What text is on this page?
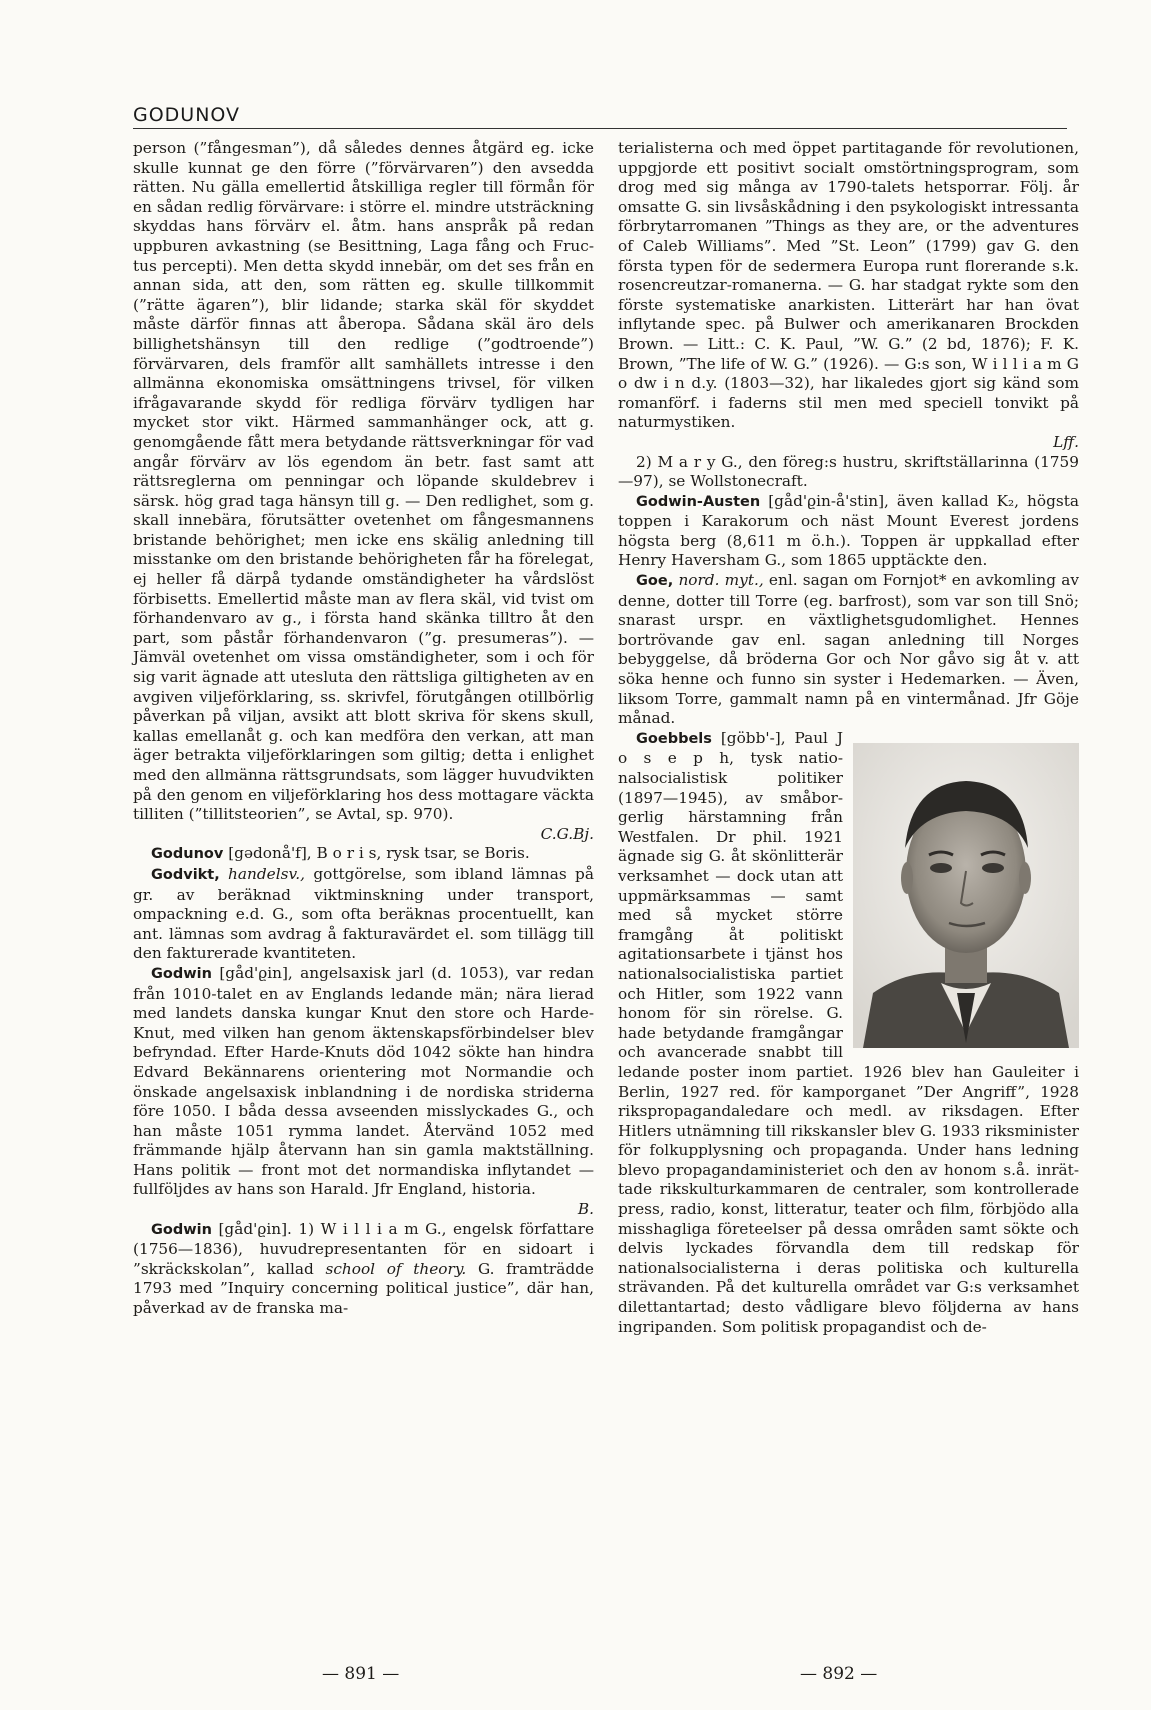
GODUNOV

person (”fångesman”), då således dennes åtgärd eg. icke skulle kunnat ge den förre (”förvärvaren”) den avsedda rätten. Nu gälla emellertid åtskilliga regler till förmån för en sådan redlig förvärvare: i större el. mindre utsträckning skyddas hans förvärv el. åtm. hans anspråk på redan uppburen avkastning (se Besittning, Laga fång och Fructus percepti). Men detta skydd innebär, om det ses från en annan sida, att den, som rätten eg. skulle tillkommit (”rätte ägaren”), blir lidande; starka skäl för skyddet måste därför finnas att åberopa. Sådana skäl äro dels billighetshänsyn till den redlige (”godtroende”) förvärvaren, dels framför allt samhällets intresse i den allmänna ekonomiska omsättningens trivsel, för vilken ifrågavarande skydd för redliga förvärv tydligen har mycket stor vikt. Härmed sammanhänger ock, att g. genomgående fått mera betydande rättsverkningar för vad angår förvärv av lös egendom än betr. fast samt att rättsreglerna om penningar och löpande skuldebrev i särsk. hög grad taga hänsyn till g. — Den redlighet, som g. skall innebära, förutsätter ovetenhet om fångesmannens bristande behörighet; men icke ens skälig anledning till misstanke om den bristande behörigheten får ha förelegat, ej heller få därpå tydande omständigheter ha vårdslöst förbisetts. Emellertid måste man av flera skäl, vid tvist om förhandenvaro av g., i första hand skänka tilltro åt den part, som påstår förhandenvaron (”g. presumeras”). — Jämväl ovetenhet om vissa omständigheter, som i och för sig varit ägnade att utesluta den rättsliga giltigheten av en avgiven viljeförklaring, ss. skrivfel, förutgången otillbörlig påverkan på viljan, avsikt att blott skriva för skens skull, kallas emellanåt g. och kan medföra den verkan, att man äger betrakta viljeförklaringen som giltig; detta i enlighet med den allmänna rättsgrundsats, som lägger huvudvikten på den genom en viljeförklaring hos dess mottagare väckta tilliten (”tillitsteorien”, se Avtal, sp. 970).
C.G.Bj.

Godunov [gədonå'f], B o r i s, rysk tsar, se Boris.

Godvikt, handelsv., gottgörelse, som ibland lämnas på gr. av beräknad viktminskning under transport, ompackning e.d. G., som ofta beräknas procentuellt, kan ant. lämnas som avdrag å fakturavärdet el. som tillägg till den fakturerade kvantiteten.

Godwin [gåd'ϱin], angelsaxisk jarl (d. 1053), var redan från 1010-talet en av Englands ledande män; nära lierad med landets danska kungar Knut den store och Harde-Knut, med vilken han genom äktenskapsförbindelser blev befryndad. Efter Harde-Knuts död 1042 sökte han hindra Edvard Bekännarens orientering mot Normandie och önskade angelsaxisk inblandning i de nordiska striderna före 1050. I båda dessa avseenden misslyckades G., och han måste 1051 rymma landet. Återvänd 1052 med främmande hjälp återvann han sin gamla maktställning. Hans politik — front mot det normandiska inflytandet — fullföljdes av hans son Harald. Jfr England, historia.
B.

Godwin [gåd'ϱin]. 1) W i l l i a m G., engelsk författare (1756—1836), huvudrepresentanten för en sidoart i ”skräckskolan”, kallad school of theory. G. framträdde 1793 med ”Inquiry concerning political justice”, där han, påverkad av de franska ma-

terialisterna och med öppet partitagande för revolutionen, uppgjorde ett positivt socialt omstörtningsprogram, som drog med sig många av 1790-talets hetsporrar. Följ. år omsatte G. sin livsåskådning i den psykologiskt intressanta förbrytarromanen ”Things as they are, or the adventures of Caleb Williams”. Med ”St. Leon” (1799) gav G. den första typen för de sedermera Europa runt florerande s.k. rosencreutzar-romanerna. — G. har stadgat rykte som den förste systematiske anarkisten. Litterärt har han övat inflytande spec. på Bulwer och amerikanaren Brockden Brown. — Litt.: C. K. Paul, ”W. G.” (2 bd, 1876); F. K. Brown, ”The life of W. G.” (1926). — G:s son, W i l l i a m G o dw i n d.y. (1803—32), har likaledes gjort sig känd som romanförf. i faderns stil men med speciell tonvikt på naturmystiken.
Lff.

2) M a r y G., den föreg:s hustru, skriftställarinna (1759—97), se Wollstonecraft.

Godwin-Austen [gåd'ϱin-å'stin], även kallad K₂, högsta toppen i Karakorum och näst Mount Everest jordens högsta berg (8,611 m ö.h.). Toppen är uppkallad efter Henry Haversham G., som 1865 upptäckte den.

Goe, nord. myt., enl. sagan om Fornjot* en avkomling av denne, dotter till Torre (eg. barfrost), som var son till Snö; snarast urspr. en växtlighetsgudomlighet. Hennes bortrövande gav enl. sagan anledning till Norges bebyggelse, då bröderna Gor och Nor gåvo sig åt v. att söka henne och funno sin syster i Hedemarken. — Även, liksom Torre, gammalt namn på en vintermånad. Jfr Göje månad.

Goebbels [göbb'-], Paul J o s e p h, tysk nationalsocialistisk politiker (1897—1945), av småborgerlig härstamning från Westfalen. Dr phil. 1921 ägnade sig G. åt skönlitterär verksamhet — dock utan att uppmärksammas — samt med så mycket större framgång åt politiskt agitationsarbete i tjänst hos nationalsocialistiska partiet och Hitler, som 1922 vann honom för sin rörelse. G. hade betydande framgångar och avancerade snabbt till ledande poster inom partiet. 1926 blev han Gauleiter i Berlin, 1927 red. för kamporganet ”Der Angriff”, 1928 rikspropagandaledare och medl. av riksdagen. Efter Hitlers utnämning till rikskansler blev G. 1933 riksminister för folkupplysning och propaganda. Under hans ledning blevo propagandaministeriet och den av honom s.å. inrättade rikskulturkammaren de centraler, som kontrollerade press, radio, konst, litteratur, teater och film, förbjödo alla misshagliga företeelser på dessa områden samt sökte och delvis lyckades förvandla dem till redskap för nationalsocialisterna i deras politiska och kulturella strävanden. På det kulturella området var G:s verksamhet dilettantartad; desto vådligare blevo följderna av hans ingripanden. Som politisk propagandist och de-

— 891 —	— 892 —
